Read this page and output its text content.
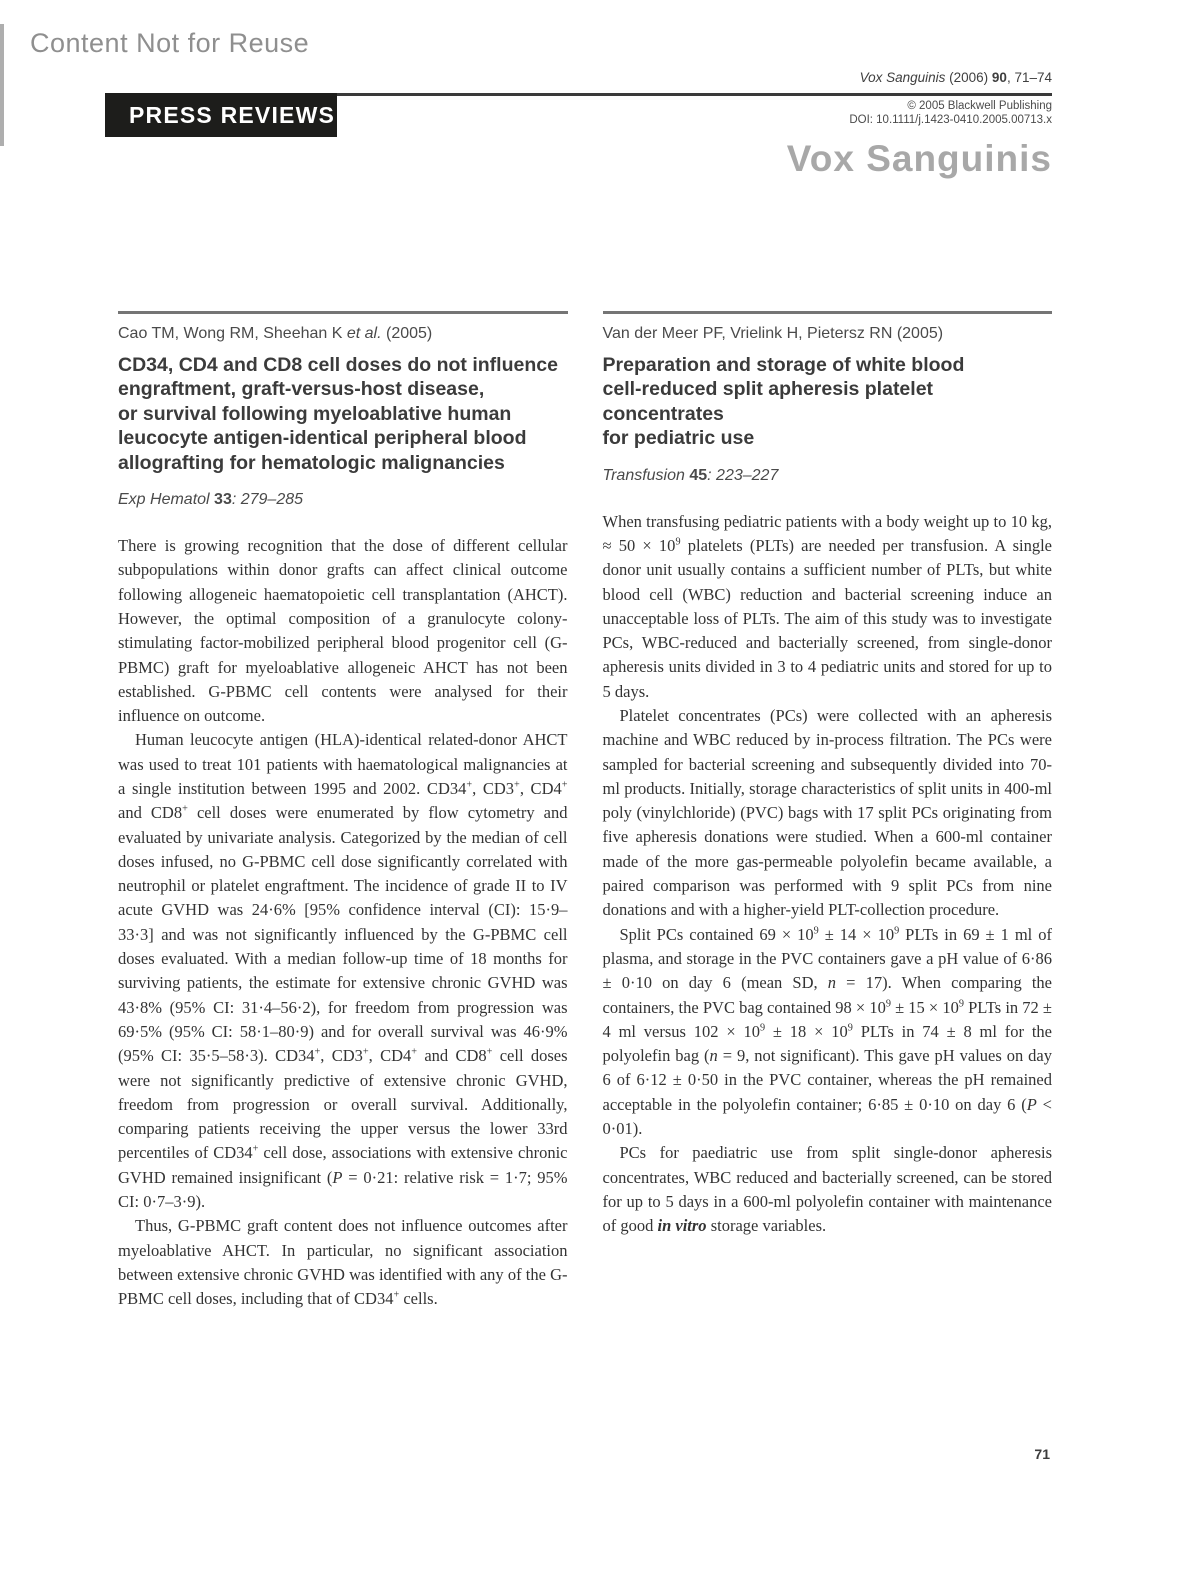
Content Not for Reuse
Vox Sanguinis (2006) 90, 71–74
PRESS REVIEWS	© 2005 Blackwell Publishing
DOI: 10.1111/j.1423-0410.2005.00713.x
Vox Sanguinis
Cao TM, Wong RM, Sheehan K et al. (2005)
CD34, CD4 and CD8 cell doses do not influence
engraftment, graft-versus-host disease,
or survival following myeloablative human
leucocyte antigen-identical peripheral blood
allografting for hematologic malignancies
Exp Hematol 33: 279–285

There is growing recognition that the dose of different cellular subpopulations within donor grafts can affect clinical outcome following allogeneic haematopoietic cell transplantation (AHCT). However, the optimal composition of a granulocyte colony-stimulating factor-mobilized peripheral blood progenitor cell (G-PBMC) graft for myeloablative allogeneic AHCT has not been established. G-PBMC cell contents were analysed for their influence on outcome.

Human leucocyte antigen (HLA)-identical related-donor AHCT was used to treat 101 patients with haematological malignancies at a single institution between 1995 and 2002. CD34+, CD3+, CD4+ and CD8+ cell doses were enumerated by flow cytometry and evaluated by univariate analysis. Categorized by the median of cell doses infused, no G-PBMC cell dose significantly correlated with neutrophil or platelet engraftment. The incidence of grade II to IV acute GVHD was 24·6% [95% confidence interval (CI): 15·9–33·3] and was not significantly influenced by the G-PBMC cell doses evaluated. With a median follow-up time of 18 months for surviving patients, the estimate for extensive chronic GVHD was 43·8% (95% CI: 31·4–56·2), for freedom from progression was 69·5% (95% CI: 58·1–80·9) and for overall survival was 46·9% (95% CI: 35·5–58·3). CD34+, CD3+, CD4+ and CD8+ cell doses were not significantly predictive of extensive chronic GVHD, freedom from progression or overall survival. Additionally, comparing patients receiving the upper versus the lower 33rd percentiles of CD34+ cell dose, associations with extensive chronic GVHD remained insignificant (P = 0·21: relative risk = 1·7; 95% CI: 0·7–3·9).

Thus, G-PBMC graft content does not influence outcomes after myeloablative AHCT. In particular, no significant association between extensive chronic GVHD was identified with any of the G-PBMC cell doses, including that of CD34+ cells.

Van der Meer PF, Vrielink H, Pietersz RN (2005)
Preparation and storage of white blood
cell-reduced split apheresis platelet concentrates
for pediatric use
Transfusion 45: 223–227

When transfusing pediatric patients with a body weight up to 10 kg, ≈ $50 \times 10^9$ platelets (PLTs) are needed per transfusion. A single donor unit usually contains a sufficient number of PLTs, but white blood cell (WBC) reduction and bacterial screening induce an unacceptable loss of PLTs. The aim of this study was to investigate PCs, WBC-reduced and bacterially screened, from single-donor apheresis units divided in 3 to 4 pediatric units and stored for up to 5 days.

Platelet concentrates (PCs) were collected with an apheresis machine and WBC reduced by in-process filtration. The PCs were sampled for bacterial screening and subsequently divided into 70-ml products. Initially, storage characteristics of split units in 400-ml poly (vinylchloride) (PVC) bags with 17 split PCs originating from five apheresis donations were studied. When a 600-ml container made of the more gas-permeable polyolefin became available, a paired comparison was performed with 9 split PCs from nine donations and with a higher-yield PLT-collection procedure.

Split PCs contained $69 \times 10^9 \pm 14 \times 10^9$ PLTs in 69 ± 1 ml of plasma, and storage in the PVC containers gave a pH value of 6·86 ± 0·10 on day 6 (mean SD, n = 17). When comparing the containers, the PVC bag contained $98 \times 10^9 \pm 15 \times 10^9$ PLTs in 72 ± 4 ml versus $102 \times 10^9 \pm 18 \times 10^9$ PLTs in 74 ± 8 ml for the polyolefin bag (n = 9, not significant). This gave pH values on day 6 of 6·12 ± 0·50 in the PVC container, whereas the pH remained acceptable in the polyolefin container; 6·85 ± 0·10 on day 6 (P < 0·01).

PCs for paediatric use from split single-donor apheresis concentrates, WBC reduced and bacterially screened, can be stored for up to 5 days in a 600-ml polyolefin container with maintenance of good in vitro storage variables.

71
